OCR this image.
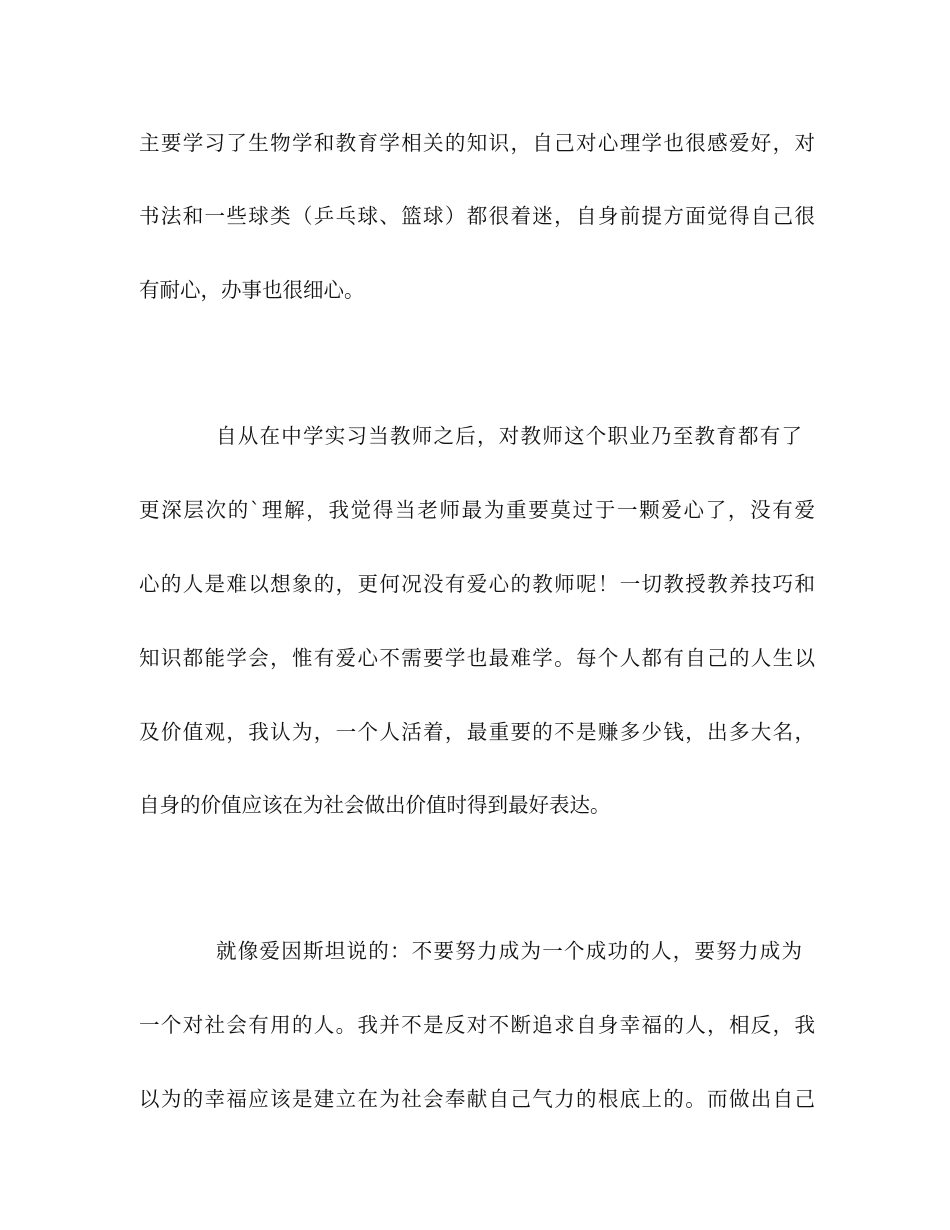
主要学习了生物学和教育学相关的知识，自己对心理学也很感爱好，对
书法和一些球类（乒乓球、篮球）都很着迷，自身前提方面觉得自己很
有耐心，办事也很细心。
自从在中学实习当教师之后，对教师这个职业乃至教育都有了
更深层次的`理解，我觉得当老师最为重要莫过于一颗爱心了，没有爱
心的人是难以想象的，更何况没有爱心的教师呢！一切教授教养技巧和
知识都能学会，惟有爱心不需要学也最难学。每个人都有自己的人生以
及价值观，我认为，一个人活着，最重要的不是赚多少钱，出多大名，
自身的价值应该在为社会做出价值时得到最好表达。
就像爱因斯坦说的：不要努力成为一个成功的人，要努力成为
一个对社会有用的人。我并不是反对不断追求自身幸福的人，相反，我
以为的幸福应该是建立在为社会奉献自己气力的根底上的。而做出自己
